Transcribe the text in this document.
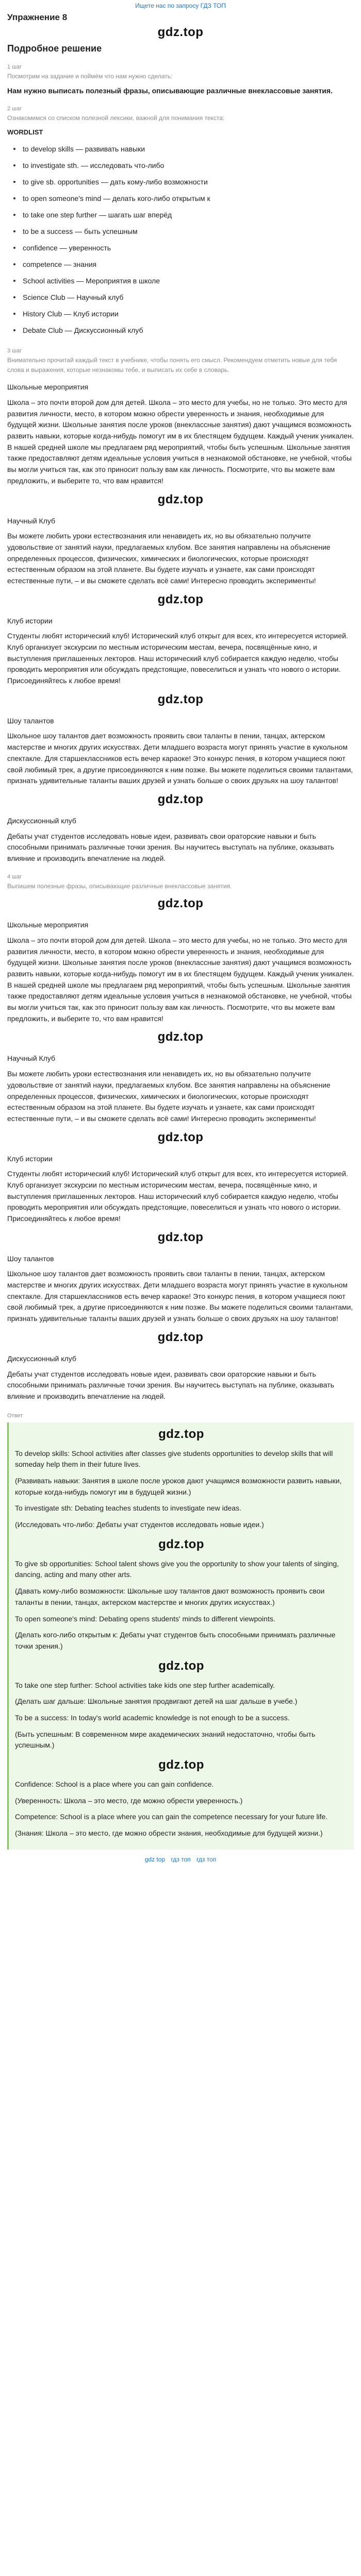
Ищете нас по запросу ГДЗ ТОП
Упражнение 8
gdz.top
Подробное решение
1 шаг
Посмотрим на задание и поймём что нам нужно сделать:
Нам нужно выписать полезный фразы, описывающие различные внеклассовые занятия.
2 шаг
Ознакомимся со списком полезной лексики, важной для понимания текста:
WORDLIST
to develop skills — развивать навыки
to investigate sth. — исследовать что-либо
to give sb. opportunities — дать кому-либо возможности
to open someone's mind — делать кого-либо открытым к
to take one step further — шагать шаг вперёд
to be a success — быть успешным
confidence — уверенность
competence — знания
School activities — Мероприятия в школе
Science Club — Научный клуб
History Club — Клуб истории
Debate Club — Дискуссионный клуб
3 шаг
Внимательно прочитай каждый текст в учебнике, чтобы понять его смысл. Рекомендуем отметить новые для тебя слова и выражения, которые незнакомы тебе, и выписать их себе в словарь.
Школьные мероприятия
Школа – это почти второй дом для детей. Школа – это место для учебы, но не только. Это место для развития личности, место, в котором можно обрести уверенность и знания, необходимые для будущей жизни. Школьные занятия после уроков (внеклассные занятия) дают учащимся возможность развить навыки, которые когда-нибудь помогут им в их блестящем будущем. Каждый ученик уникален. В нашей средней школе мы предлагаем ряд мероприятий, чтобы быть успешным. Школьные занятия также предоставляют детям идеальные условия учиться в незнакомой обстановке, не учебной, чтобы вы могли учиться так, как это приносит пользу вам как личность. Посмотрите, что вы можете вам предложить, и выберите то, что вам нравится!
gdz.top
Научный Клуб
Вы можете любить уроки естествознания или ненавидеть их, но вы обязательно получите удовольствие от занятий науки, предлагаемых клубом. Все занятия направлены на объяснение определенных процессов, физических, химических и биологических, которые происходят естественным образом на этой планете. Вы будете изучать и узнаете, как сами происходят естественные пути, – и вы сможете сделать всё сами! Интересно проводить эксперименты!
gdz.top
Клуб истории
Студенты любят исторический клуб! Исторический клуб открыт для всех, кто интересуется историей. Клуб организует экскурсии по местным историческим местам, вечера, посвящённые кино, и выступления приглашенных лекторов. Наш исторический клуб собирается каждую неделю, чтобы проводить мероприятия или обсуждать предстоящие, повеселиться и узнать что нового о истории. Присоединяйтесь к любое время!
gdz.top
Шоу талантов
Школьное шоу талантов дает возможность проявить свои таланты в пении, танцах, актерском мастерстве и многих других искусствах. Дети младшего возраста могут принять участие в кукольном спектакле. Для старшеклассников есть вечер караоке! Это конкурс пения, в котором учащиеся поют свой любимый трек, а другие присоединяются к ним позже. Вы можете поделиться своими талантами, признать удивительные таланты ваших друзей и узнать больше о своих друзьях на шоу талантов!
gdz.top
Дискуссионный клуб
Дебаты учат студентов исследовать новые идеи, развивать свои ораторские навыки и быть способными принимать различные точки зрения. Вы научитесь выступать на публике, оказывать влияние и производить впечатление на людей.
4 шаг
Выпишем полезные фразы, описывающие различные внеклассовые занятия.
gdz.top
Школьные мероприятия
Школа – это почти второй дом для детей. Школа – это место для учебы, но не только. Это место для развития личности, место, в котором можно обрести уверенность и знания, необходимые для будущей жизни. Школьные занятия после уроков (внеклассные занятия) дают учащимся возможность развить навыки, которые когда-нибудь помогут им в их блестящем будущем. Каждый ученик уникален. В нашей средней школе мы предлагаем ряд мероприятий, чтобы быть успешным. Школьные занятия также предоставляют детям идеальные условия учиться в незнакомой обстановке, не учебной, чтобы вы могли учиться так, как это приносит пользу вам как личность. Посмотрите, что вы можете вам предложить, и выберите то, что вам нравится!
gdz.top
Научный Клуб
Вы можете любить уроки естествознания или ненавидеть их, но вы обязательно получите удовольствие от занятий науки, предлагаемых клубом. Все занятия направлены на объяснение определенных процессов, физических, химических и биологических, которые происходят естественным образом на этой планете. Вы будете изучать и узнаете, как сами происходят естественные пути, – и вы сможете сделать всё сами! Интересно проводить эксперименты!
gdz.top
Клуб истории
Студенты любят исторический клуб! Исторический клуб открыт для всех, кто интересуется историей. Клуб организует экскурсии по местным историческим местам, вечера, посвящённые кино, и выступления приглашенных лекторов. Наш исторический клуб собирается каждую неделю, чтобы проводить мероприятия или обсуждать предстоящие, повеселиться и узнать что нового о истории. Присоединяйтесь к любое время!
gdz.top
Шоу талантов
Школьное шоу талантов дает возможность проявить свои таланты в пении, танцах, актерском мастерстве и многих других искусствах. Дети младшего возраста могут принять участие в кукольном спектакле. Для старшеклассников есть вечер караоке! Это конкурс пения, в котором учащиеся поют свой любимый трек, а другие присоединяются к ним позже. Вы можете поделиться своими талантами, признать удивительные таланты ваших друзей и узнать больше о своих друзьях на шоу талантов!
gdz.top
Дискуссионный клуб
Дебаты учат студентов исследовать новые идеи, развивать свои ораторские навыки и быть способными принимать различные точки зрения. Вы научитесь выступать на публике, оказывать влияние и производить впечатление на людей.
Ответ
gdz.top
To develop skills: School activities after classes give students opportunities to develop skills that will someday help them in their future lives.
(Развивать навыки: Занятия в школе после уроков дают учащимся возможности развить навыки, которые когда-нибудь помогут им в будущей жизни.)
To investigate sth: Debating teaches students to investigate new ideas.
(Исследовать что-либо: Дебаты учат студентов исследовать новые идеи.)
gdz.top
To give sb opportunities: School talent shows give you the opportunity to show your talents of singing, dancing, acting and many other arts.
(Давать кому-либо возможности: Школьные шоу талантов дают возможность проявить свои таланты в пении, танцах, актерском мастерстве и многих других искусствах.)
To open someone's mind: Debating opens students' minds to different viewpoints.
(Делать кого-либо открытым к: Дебаты учат студентов быть способными принимать различные точки зрения.)
gdz.top
To take one step further: School activities take kids one step further academically.
(Делать шаг дальше: Школьные занятия продвигают детей на шаг дальше в учебе.)
To be a success: In today's world academic knowledge is not enough to be a success.
(Быть успешным: В современном мире академических знаний недостаточно, чтобы быть успешным.)
gdz.top
Confidence: School is a place where you can gain confidence.
(Уверенность: Школа – это место, где можно обрести уверенность.)
Competence: School is a place where you can gain the competence necessary for your future life.
(Знания: Школа – это место, где можно обрести знания, необходимые для будущей жизни.)
gdz top гдз топ гдз топ
